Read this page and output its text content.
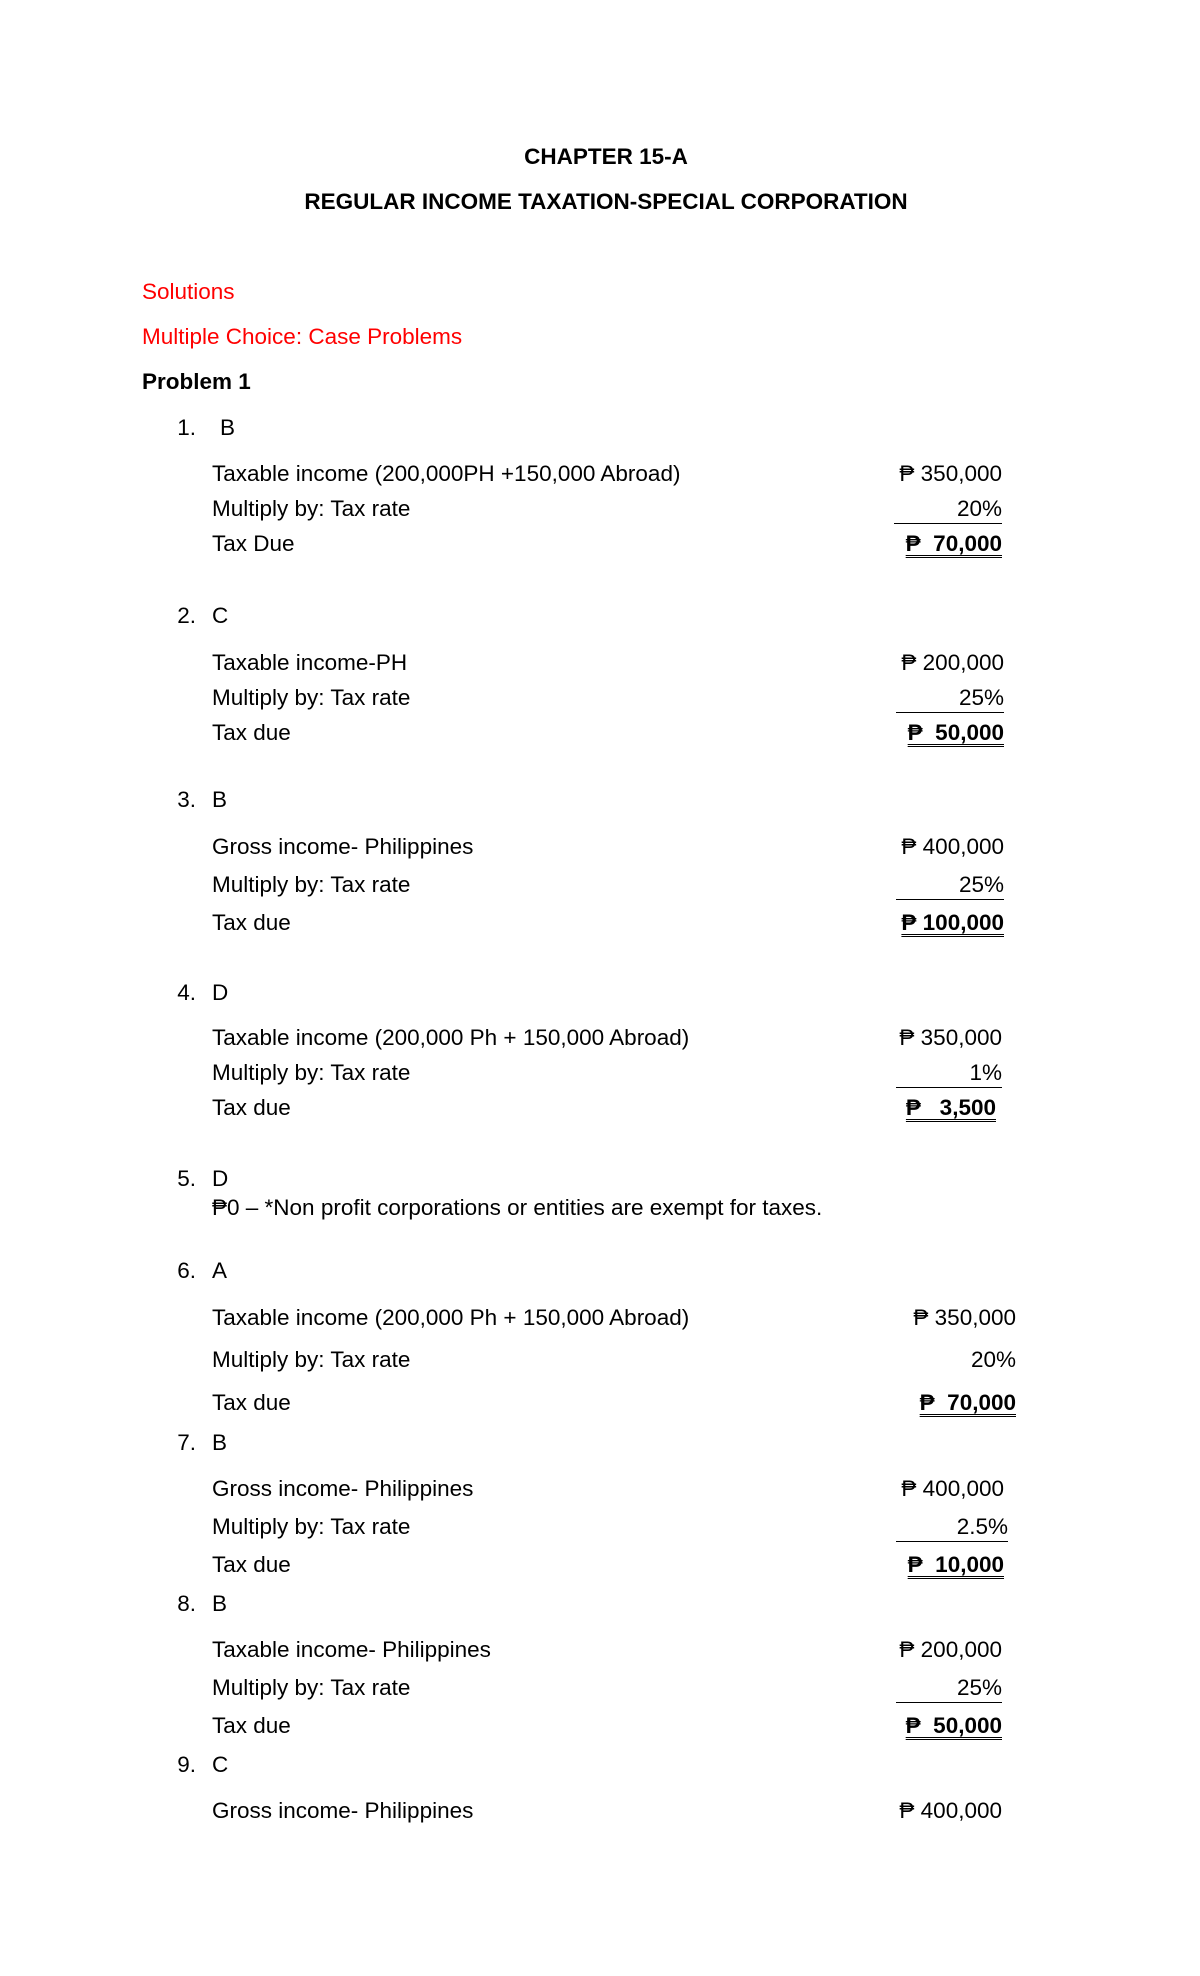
CHAPTER 15-A
REGULAR INCOME TAXATION-SPECIAL CORPORATION
Solutions
Multiple Choice: Case Problems
Problem 1
1. B
Taxable income (200,000PH +150,000 Abroad)	₱ 350,000
Multiply by: Tax rate	20%
Tax Due	₱  70,000
2. C
Taxable income-PH	₱ 200,000
Multiply by: Tax rate	25%
Tax due	₱  50,000
3. B
Gross income- Philippines	₱ 400,000
Multiply by: Tax rate	25%
Tax due	₱ 100,000
4. D
Taxable income (200,000 Ph + 150,000 Abroad)	₱ 350,000
Multiply by: Tax rate	1%
Tax due	₱   3,500
5. D
₱0 – *Non profit corporations or entities are exempt for taxes.
6. A
Taxable income (200,000 Ph + 150,000 Abroad)	₱ 350,000
Multiply by: Tax rate	20%
Tax due	₱  70,000
7. B
Gross income- Philippines	₱ 400,000
Multiply by: Tax rate	2.5%
Tax due	₱  10,000
8. B
Taxable income- Philippines	₱ 200,000
Multiply by: Tax rate	25%
Tax due	₱  50,000
9. C
Gross income- Philippines	₱ 400,000
